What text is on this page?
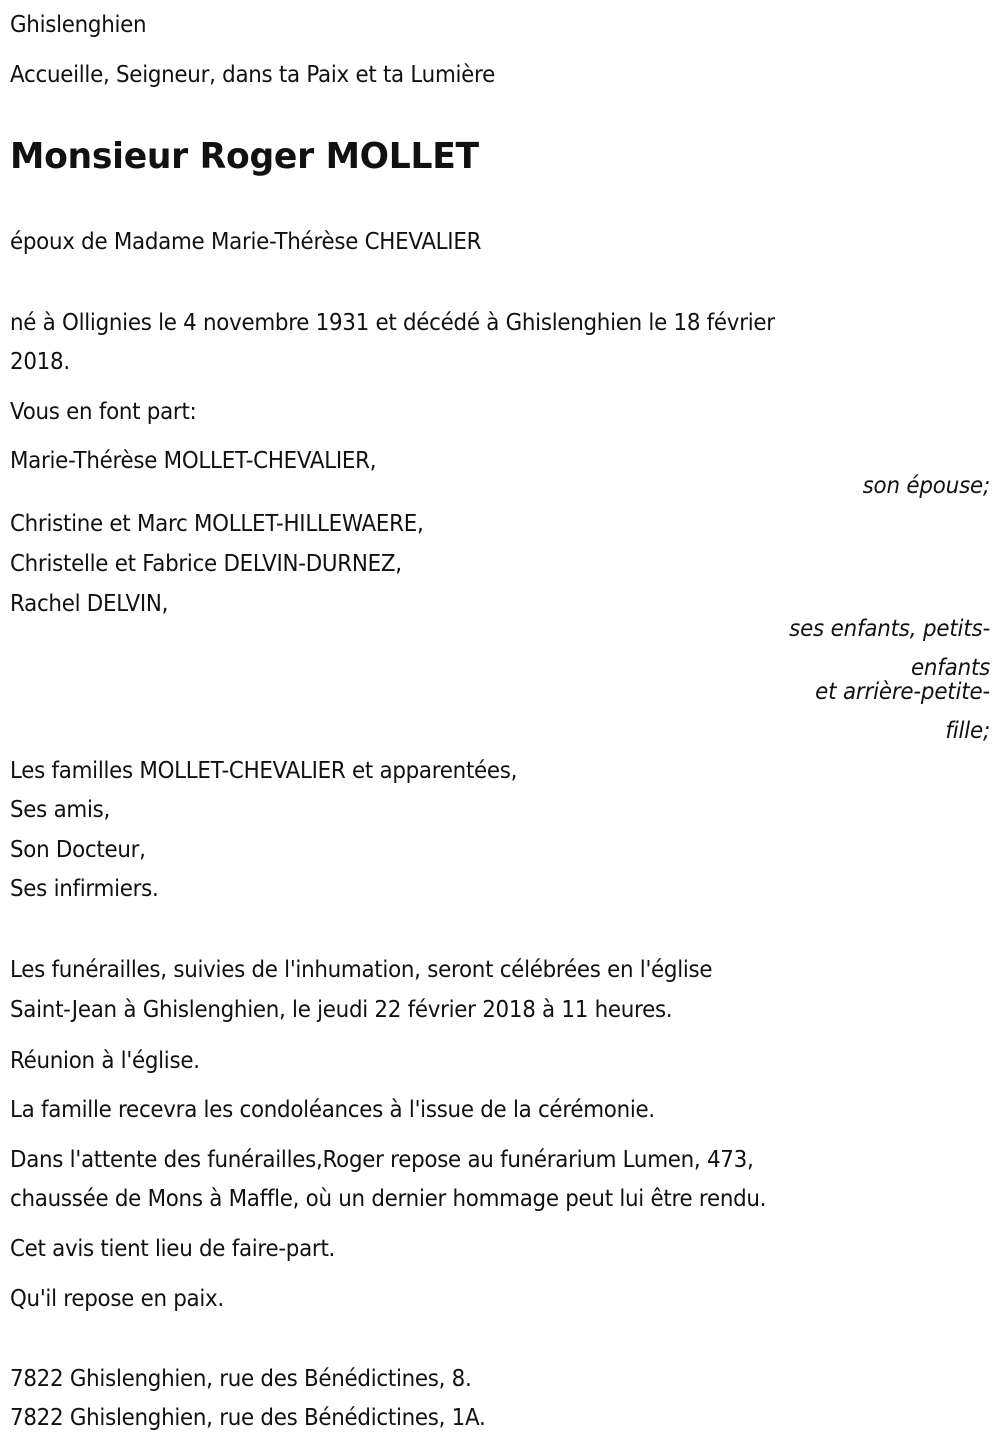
Ghislenghien
Accueille, Seigneur, dans ta Paix et ta Lumière
Monsieur Roger MOLLET
époux de Madame Marie-Thérèse CHEVALIER
né à Ollignies le 4 novembre 1931 et décédé à Ghislenghien le 18 février
2018.
Vous en font part:
Marie-Thérèse MOLLET-CHEVALIER,
son épouse;
Christine et Marc MOLLET-HILLEWAERE,
Christelle et Fabrice DELVIN-DURNEZ,
Rachel DELVIN,
ses enfants, petits-
enfants
et arrière-petite-
fille;
Les familles MOLLET-CHEVALIER et apparentées,
Ses amis,
Son Docteur,
Ses infirmiers.
Les funérailles, suivies de l'inhumation, seront célébrées en l'église
Saint-Jean à Ghislenghien, le jeudi 22 février 2018 à 11 heures.
Réunion à l'église.
La famille recevra les condoléances à l'issue de la cérémonie.
Dans l'attente des funérailles,Roger repose au funérarium Lumen, 473,
chaussée de Mons à Maffle, où un dernier hommage peut lui être rendu.
Cet avis tient lieu de faire-part.
Qu'il repose en paix.
7822 Ghislenghien, rue des Bénédictines, 8.
7822 Ghislenghien, rue des Bénédictines, 1A.
